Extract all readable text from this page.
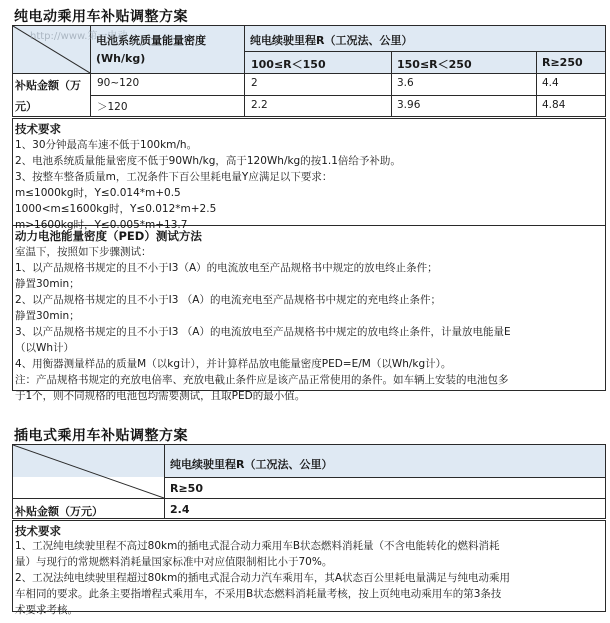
纯电动乘用车补贴调整方案
电池系统质量能量密度
(Wh/kg)
纯电续驶里程R（工况法、公里）
100≤R＜150	150≤R＜250	R≥250
补贴金额（万
元）
90~120	2	3.6	4.4
＞120	2.2	3.96	4.84
http://www.第一电动
技术要求
1、30分钟最高车速不低于100km/h。
2、电池系统质量能量密度不低于90Wh/kg，高于120Wh/kg的按1.1倍给予补助。
3、按整车整备质量m，工况条件下百公里耗电量Y应满足以下要求：
m≤1000kg时，Y≤0.014*m+0.5
1000<m≤1600kg时，Y≤0.012*m+2.5
m>1600kg时，Y≤0.005*m+13.7
动力电池能量密度（PED）测试方法
室温下，按照如下步骤测试：
1、以产品规格书规定的且不小于I3（A）的电流放电至产品规格书中规定的放电终止条件；
静置30min；
2、以产品规格书规定的且不小于I3 （A）的电流充电至产品规格书中规定的充电终止条件；
静置30min；
3、以产品规格书规定的且不小于I3 （A）的电流放电至产品规格书中规定的放电终止条件，计量放电能量E
（以Wh计）
4、用衡器测量样品的质量M（以kg计），并计算样品放电能量密度PED=E/M（以Wh/kg计）。
注：产品规格书规定的充放电倍率、充放电截止条件应是该产品正常使用的条件。如车辆上安装的电池包多
于1个，则不同规格的电池包均需要测试，且取PED的最小值。
插电式乘用车补贴调整方案
纯电续驶里程R（工况法、公里）
R≥50
补贴金额（万元）	2.4
技术要求
1、工况纯电续驶里程不高过80km的插电式混合动力乘用车B状态燃料消耗量（不含电能转化的燃料消耗
量）与现行的常规燃料消耗量国家标准中对应值限制相比小于70%。
2、工况法纯电续驶里程超过80km的插电式混合动力汽车乘用车，其A状态百公里耗电量满足与纯电动乘用
车相同的要求。此条主要指增程式乘用车，不采用B状态燃料消耗量考核，按上页纯电动乘用车的第3条技
术要求考核。
